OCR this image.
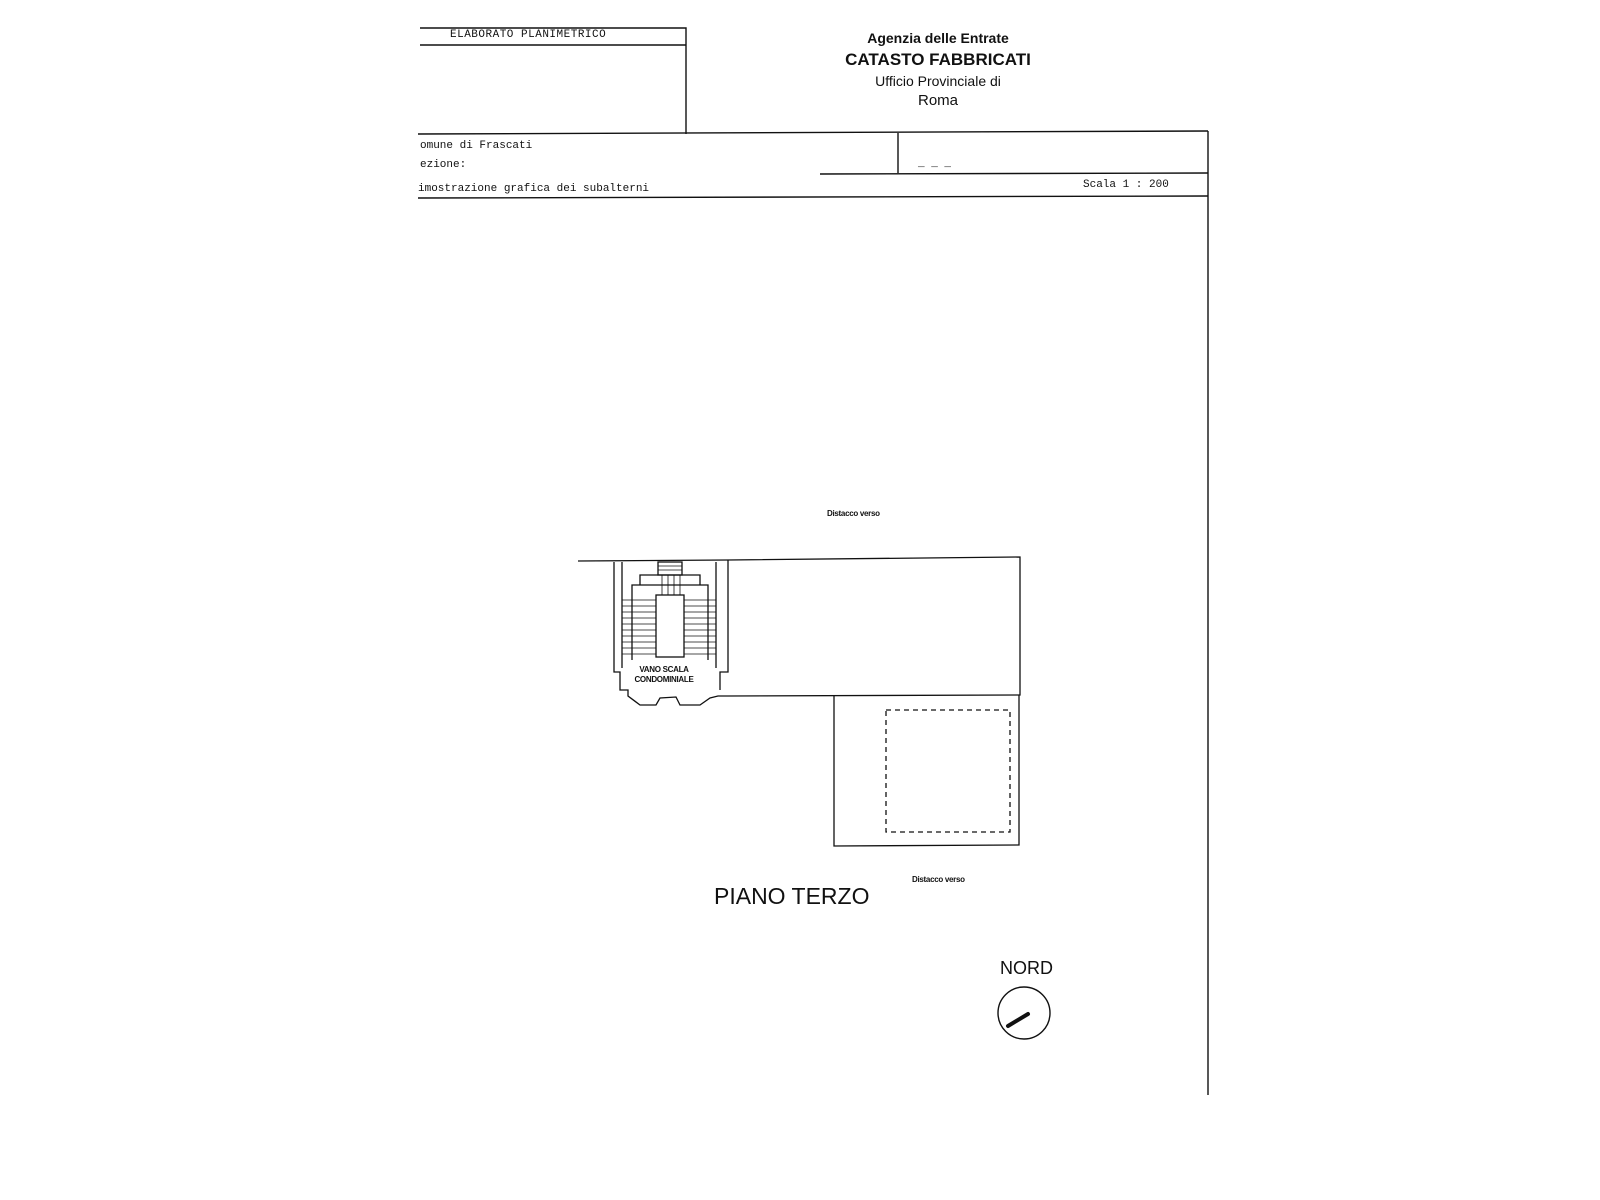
ELABORATO PLANIMETRICO	Agenzia delle Entrate
CATASTO FABBRICATI
Ufficio Provinciale di
Roma
omune di Frascati
ezione:	_ _ _
imostrazione grafica dei subalterni	Scala 1 : 200
Distacco verso
VANO SCALA
CONDOMINIALE
Distacco verso
PIANO TERZO
NORD
